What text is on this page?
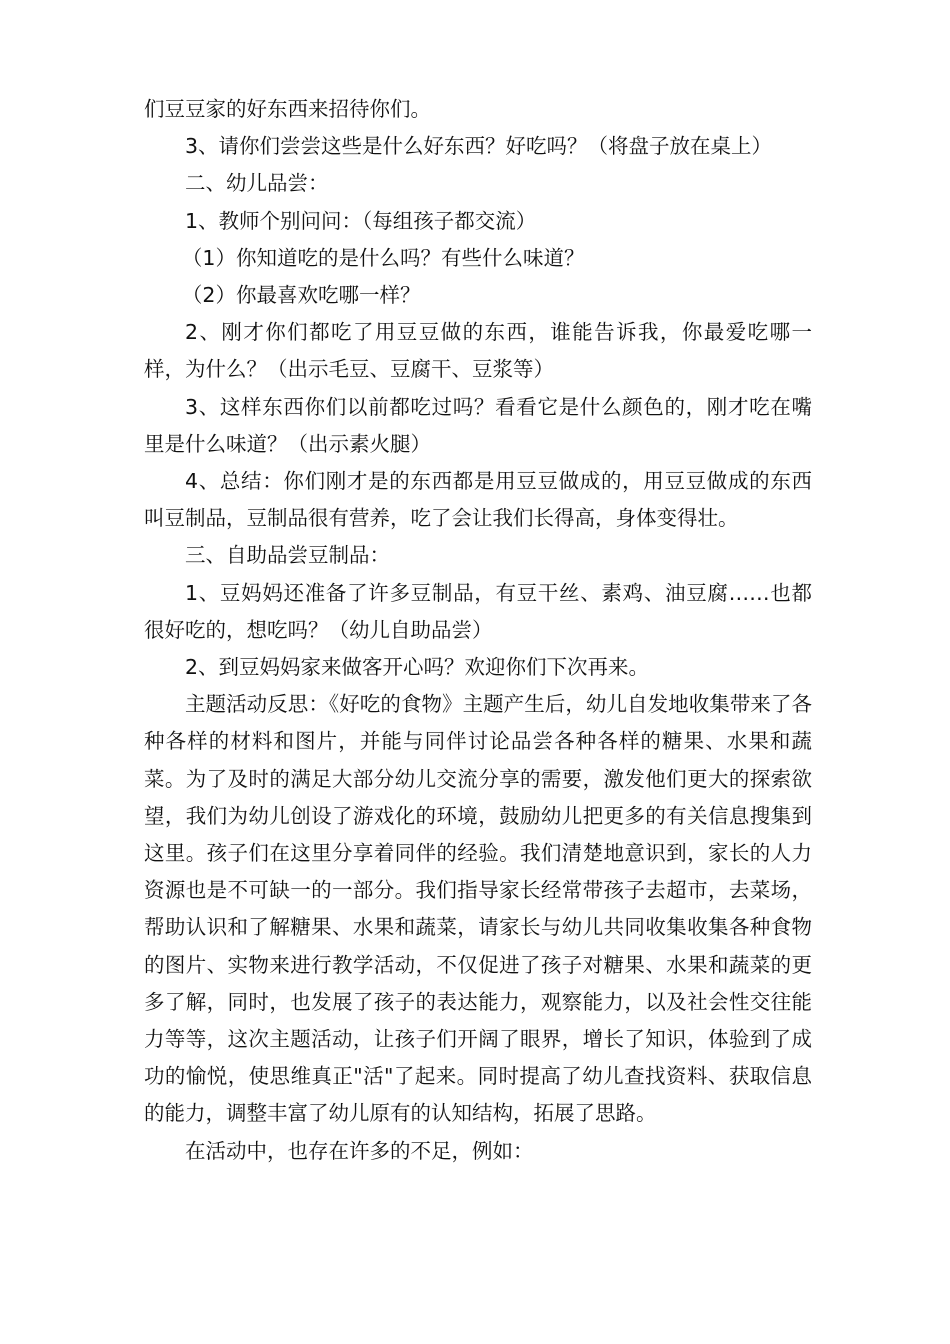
们豆豆家的好东西来招待你们。

3、请你们尝尝这些是什么好东西？好吃吗？（将盘子放在桌上）

二、幼儿品尝：

1、教师个别问问：（每组孩子都交流）

（1）你知道吃的是什么吗？有些什么味道？

（2）你最喜欢吃哪一样？

2、刚才你们都吃了用豆豆做的东西，谁能告诉我，你最爱吃哪一样，为什么？（出示毛豆、豆腐干、豆浆等）

3、这样东西你们以前都吃过吗？看看它是什么颜色的，刚才吃在嘴里是什么味道？（出示素火腿）

4、总结：你们刚才是的东西都是用豆豆做成的，用豆豆做成的东西叫豆制品，豆制品很有营养，吃了会让我们长得高，身体变得壮。

三、自助品尝豆制品：

1、豆妈妈还准备了许多豆制品，有豆干丝、素鸡、油豆腐……也都很好吃的，想吃吗？（幼儿自助品尝）

2、到豆妈妈家来做客开心吗？欢迎你们下次再来。

主题活动反思：《好吃的食物》主题产生后，幼儿自发地收集带来了各种各样的材料和图片，并能与同伴讨论品尝各种各样的糖果、水果和蔬菜。为了及时的满足大部分幼儿交流分享的需要，激发他们更大的探索欲望，我们为幼儿创设了游戏化的环境，鼓励幼儿把更多的有关信息搜集到这里。孩子们在这里分享着同伴的经验。我们清楚地意识到，家长的人力资源也是不可缺一的一部分。我们指导家长经常带孩子去超市，去菜场，帮助认识和了解糖果、水果和蔬菜，请家长与幼儿共同收集收集各种食物的图片、实物来进行教学活动，不仅促进了孩子对糖果、水果和蔬菜的更多了解，同时，也发展了孩子的表达能力，观察能力，以及社会性交往能力等等，这次主题活动，让孩子们开阔了眼界，增长了知识，体验到了成功的愉悦，使思维真正"活"了起来。同时提高了幼儿查找资料、获取信息的能力，调整丰富了幼儿原有的认知结构，拓展了思路。

在活动中，也存在许多的不足，例如：
